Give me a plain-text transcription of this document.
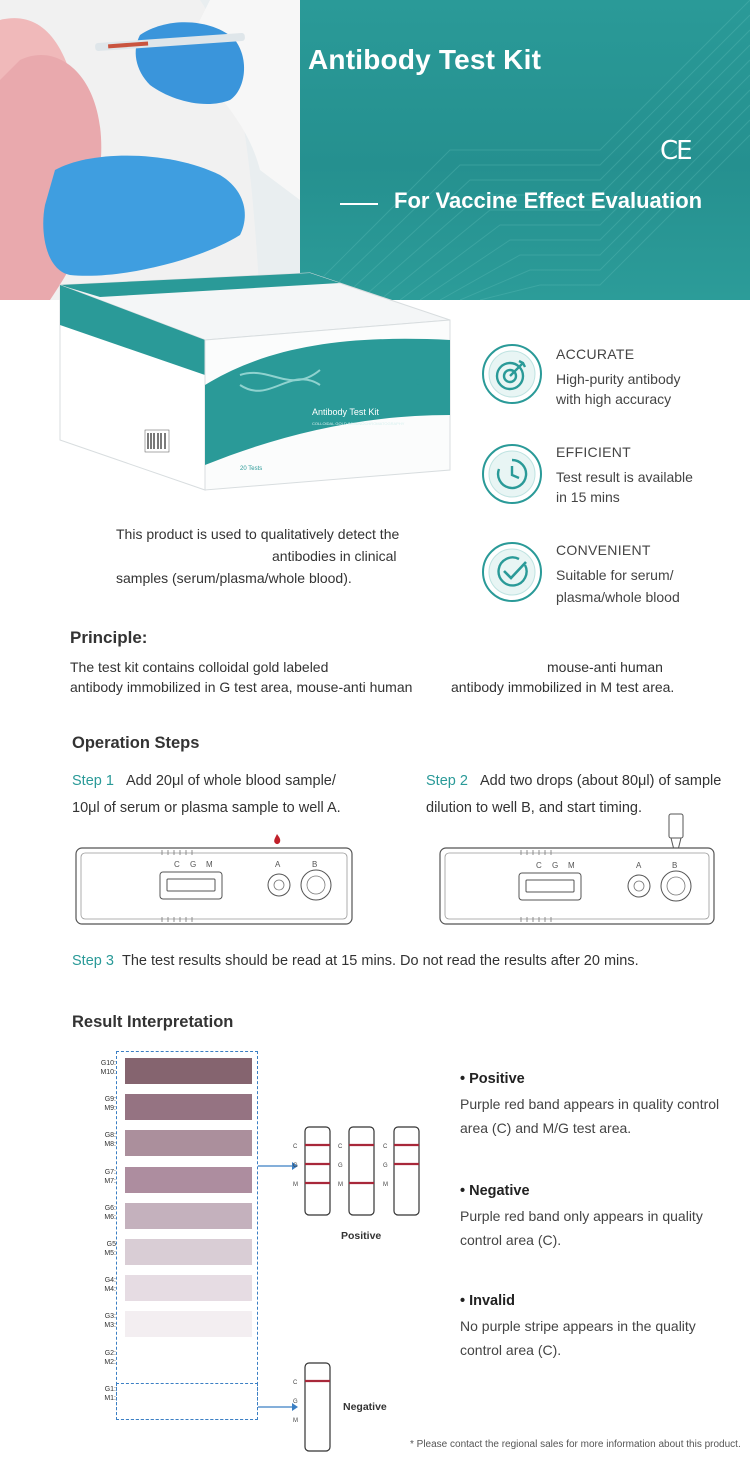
Antibody Test Kit
CE
For Vaccine Effect Evaluation
Antibody Test Kit
COLLOIDAL GOLD IMMUNOCHROMATOGRAPHY
CE
20 Tests
This product is used to qualitatively detect the
antibodies in clinical
samples (serum/plasma/whole blood).
ACCURATE
High-purity antibody
with high accuracy
EFFICIENT
Test result is available
in 15 mins
CONVENIENT
Suitable for serum/
plasma/whole blood
Principle:
The test kit contains colloidal gold labeled	mouse-anti human
antibody immobilized in G test area, mouse-anti human	antibody immobilized in M test area.
Operation Steps
Step 1 Add 20μl of whole blood sample/
10μl of serum or plasma sample to well A.
Step 2 Add two drops (about 80μl) of sample
dilution to well B, and start timing.
C G M	A	B	C G M	A	B
Step 3 The test results should be read at 15 mins. Do not read the results after 20 mins.
Result Interpretation
G10:
M10:
G9:
M9:
G8:
M8:
G7:
M7:
G6:
M6:
G5
M5:
G4:
M4:
G3:
M3:
G2:
M2:
G1:
M1:
C
G
M
C
G
M
C
G
M
Positive
C
G
M
Negative
• Positive
Purple red band appears in quality control
area (C) and M/G test area.
• Negative
Purple red band only appears in quality
control area (C).
• Invalid
No purple stripe appears in the quality
control area (C).
* Please contact the regional sales for more information about this product.
